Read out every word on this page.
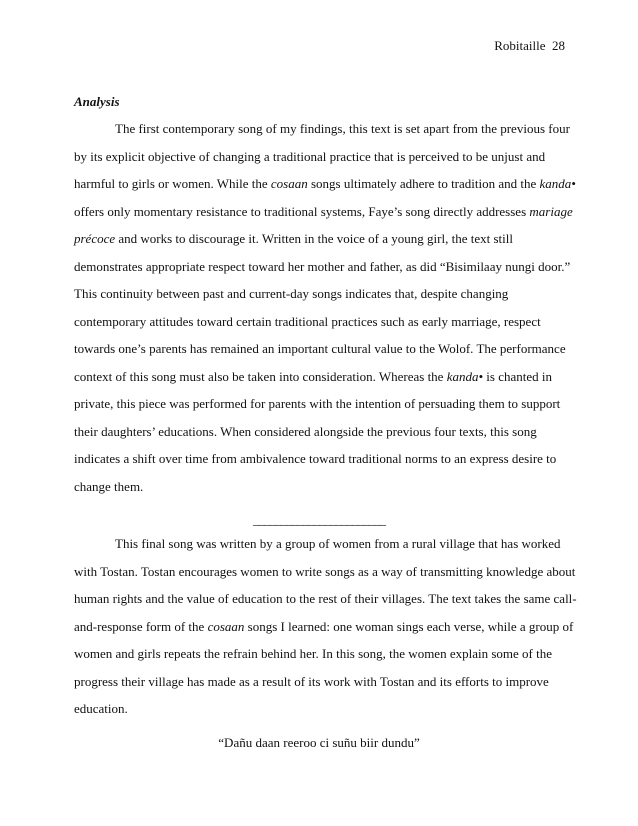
Robitaille  28
Analysis
The first contemporary song of my findings, this text is set apart from the previous four
by its explicit objective of changing a traditional practice that is perceived to be unjust and
harmful to girls or women. While the cosaan songs ultimately adhere to tradition and the kanda•
offers only momentary resistance to traditional systems, Faye’s song directly addresses mariage
précoce and works to discourage it. Written in the voice of a young girl, the text still
demonstrates appropriate respect toward her mother and father, as did “Bisimilaay nungi door.”
This continuity between past and current-day songs indicates that, despite changing
contemporary attitudes toward certain traditional practices such as early marriage, respect
towards one’s parents has remained an important cultural value to the Wolof. The performance
context of this song must also be taken into consideration. Whereas the kanda• is chanted in
private, this piece was performed for parents with the intention of persuading them to support
their daughters’ educations. When considered alongside the previous four texts, this song
indicates a shift over time from ambivalence toward traditional norms to an express desire to
change them.
________________________
This final song was written by a group of women from a rural village that has worked
with Tostan. Tostan encourages women to write songs as a way of transmitting knowledge about
human rights and the value of education to the rest of their villages. The text takes the same call-
and-response form of the cosaan songs I learned: one woman sings each verse, while a group of
women and girls repeats the refrain behind her. In this song, the women explain some of the
progress their village has made as a result of its work with Tostan and its efforts to improve
education.
“Dañu daan reeroo ci suñu biir dundu”
